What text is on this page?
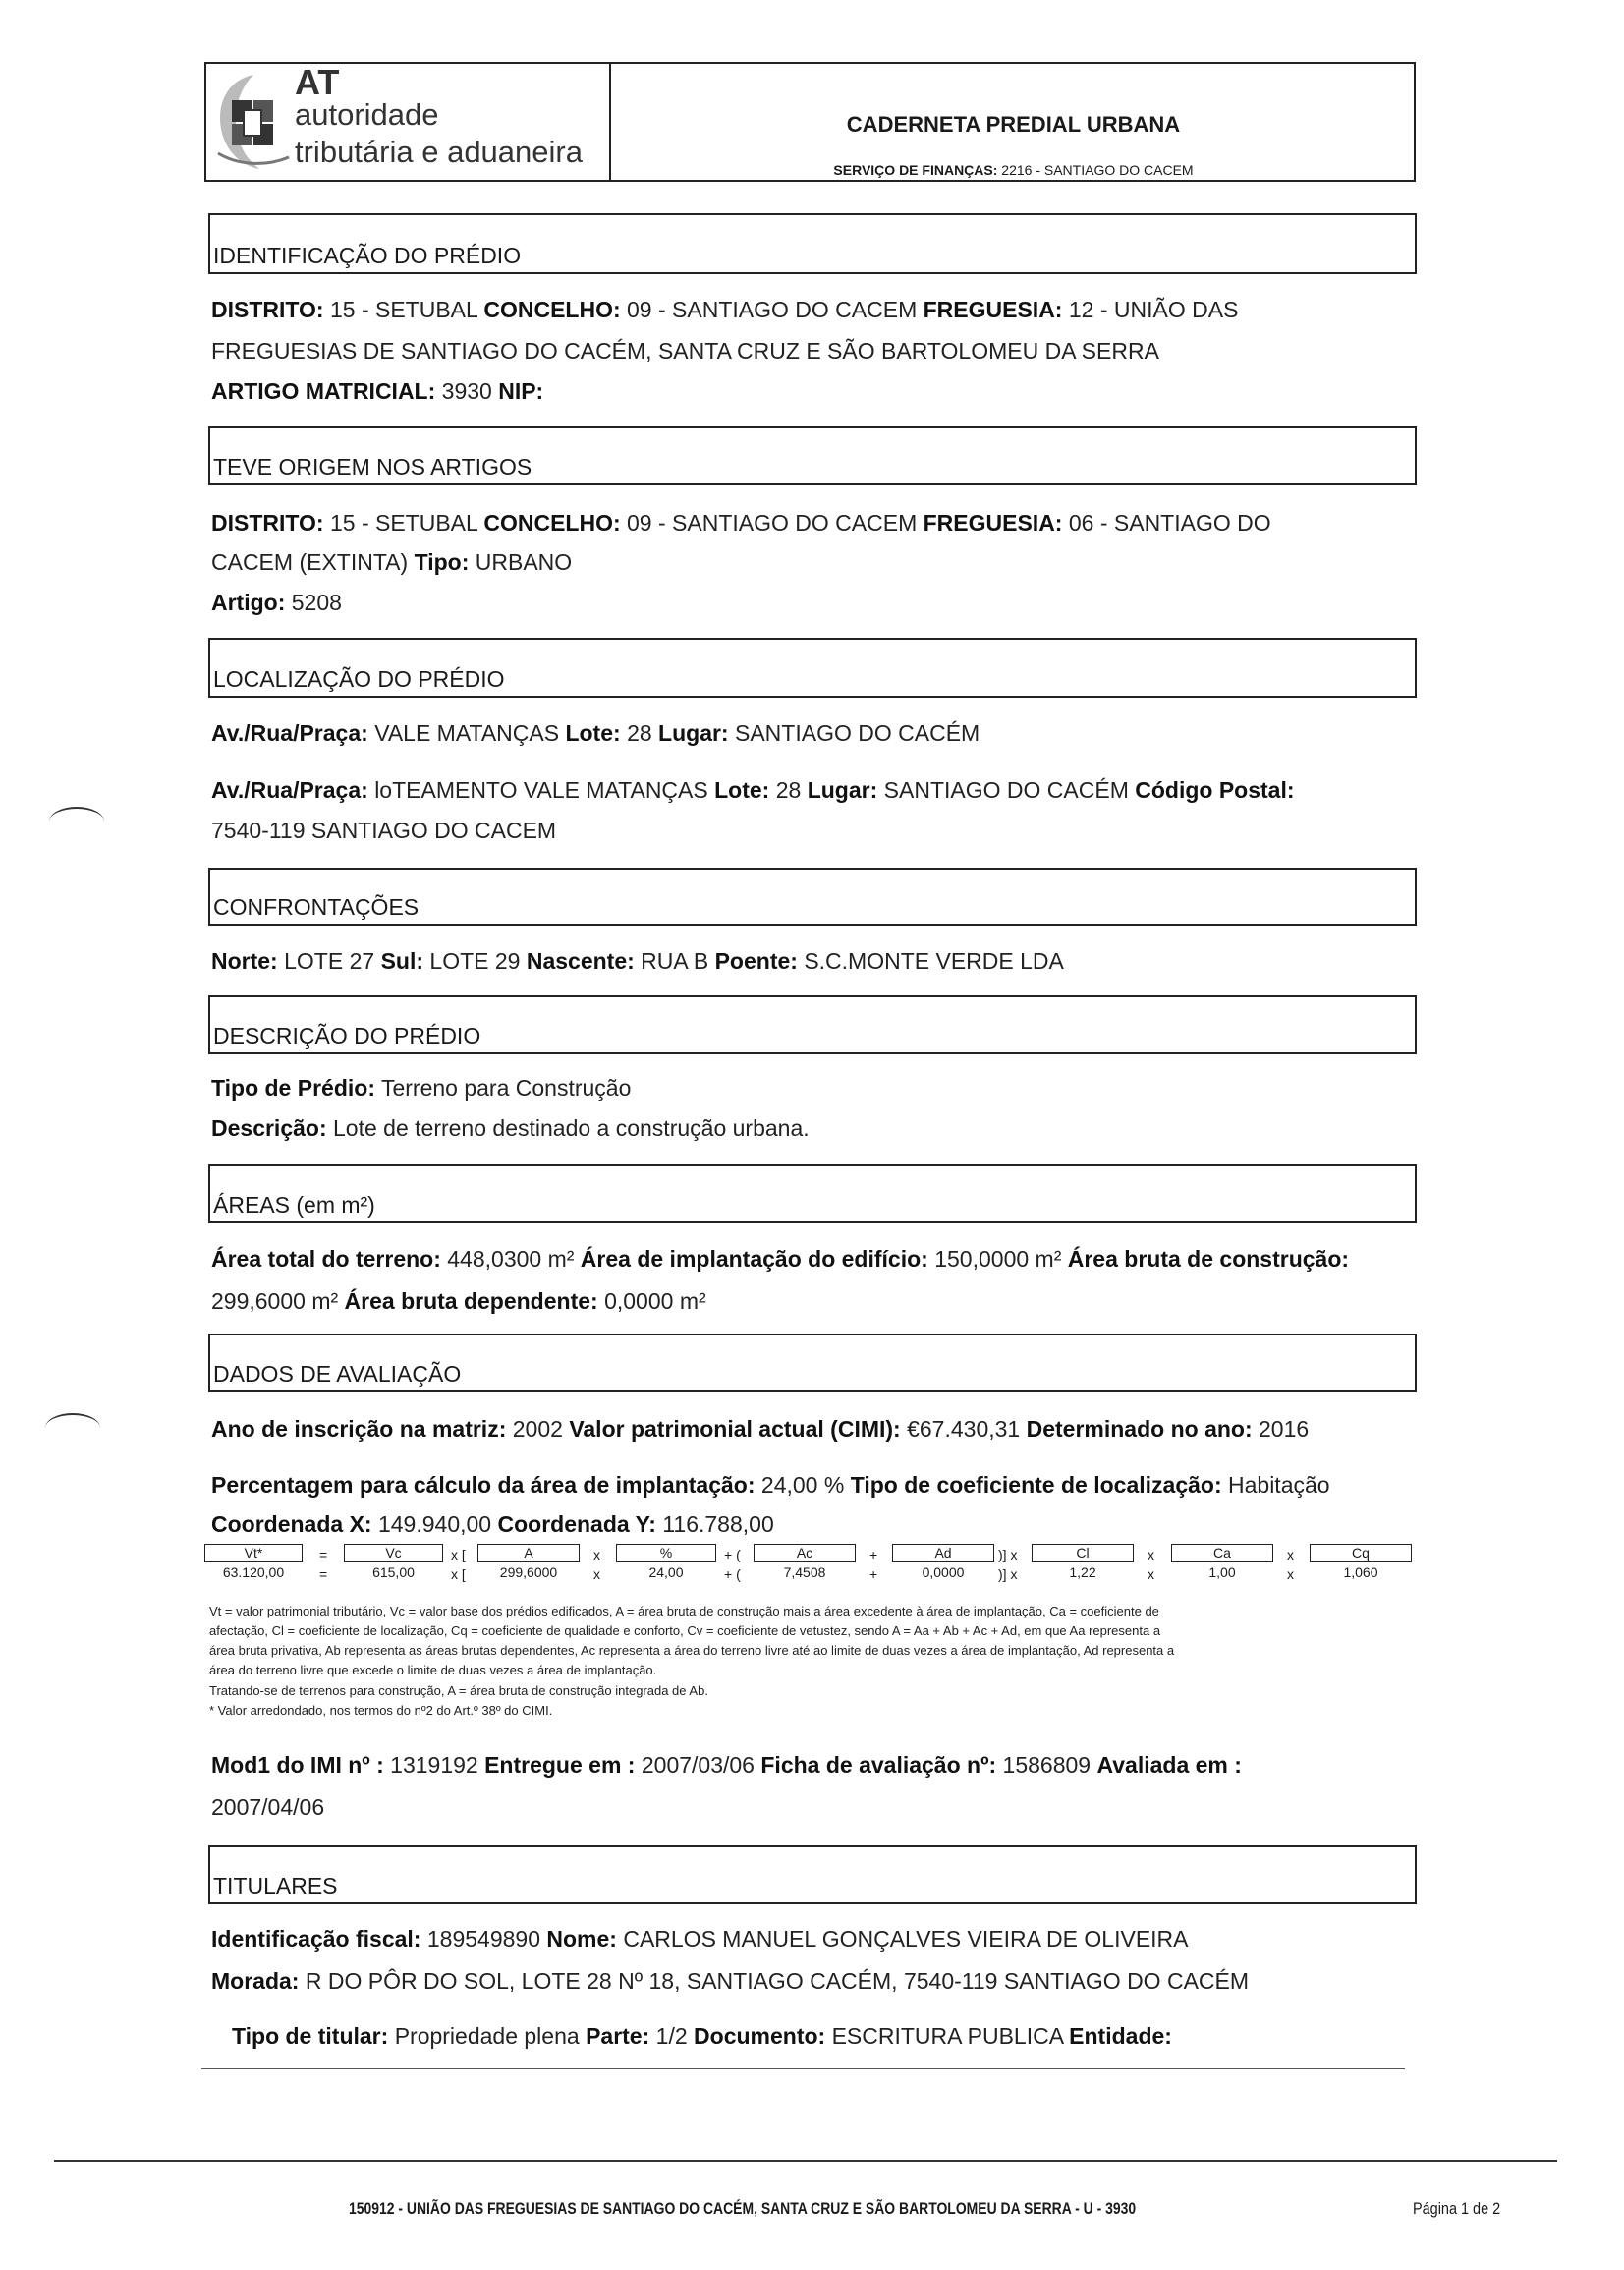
AT
autoridade
tributária e aduaneira
CADERNETA PREDIAL URBANA
SERVIÇO DE FINANÇAS: 2216 - SANTIAGO DO CACEM
IDENTIFICAÇÃO DO PRÉDIO
DISTRITO: 15 - SETUBAL CONCELHO: 09 - SANTIAGO DO CACEM FREGUESIA: 12 - UNIÃO DAS
FREGUESIAS DE SANTIAGO DO CACÉM, SANTA CRUZ E SÃO BARTOLOMEU DA SERRA
ARTIGO MATRICIAL: 3930 NIP:
TEVE ORIGEM NOS ARTIGOS
DISTRITO: 15 - SETUBAL CONCELHO: 09 - SANTIAGO DO CACEM FREGUESIA: 06 - SANTIAGO DO
CACEM (EXTINTA) Tipo: URBANO
Artigo: 5208
LOCALIZAÇÃO DO PRÉDIO
Av./Rua/Praça: VALE MATANÇAS Lote: 28 Lugar: SANTIAGO DO CACÉM
Av./Rua/Praça: loTEAMENTO VALE MATANÇAS Lote: 28 Lugar: SANTIAGO DO CACÉM Código Postal:
7540-119 SANTIAGO DO CACEM
CONFRONTAÇÕES
Norte: LOTE 27 Sul: LOTE 29 Nascente: RUA B Poente: S.C.MONTE VERDE LDA
DESCRIÇÃO DO PRÉDIO
Tipo de Prédio: Terreno para Construção
Descrição: Lote de terreno destinado a construção urbana.
ÁREAS (em m²)
Área total do terreno: 448,0300 m² Área de implantação do edifício: 150,0000 m² Área bruta de construção:
299,6000 m² Área bruta dependente: 0,0000 m²
DADOS DE AVALIAÇÃO
Ano de inscrição na matriz: 2002 Valor patrimonial actual (CIMI): €67.430,31 Determinado no ano: 2016
Percentagem para cálculo da área de implantação: 24,00 % Tipo de coeficiente de localização: Habitação
Coordenada X: 149.940,00 Coordenada Y: 116.788,00
Vt*
63.120,00
=
=
Vc
615,00
x [
x [
A
299,6000
x
x
%
24,00
+ (
+ (
Ac
7,4508
+
+
Ad
0,0000
)] x
)] x
Cl
1,22
x
x
Ca
1,00
x
x
Cq
1,060
Vt = valor patrimonial tributário, Vc = valor base dos prédios edificados, A = área bruta de construção mais a área excedente à área de implantação, Ca = coeficiente de
afectação, Cl = coeficiente de localização, Cq = coeficiente de qualidade e conforto, Cv = coeficiente de vetustez, sendo A = Aa + Ab + Ac + Ad, em que Aa representa a
área bruta privativa, Ab representa as áreas brutas dependentes, Ac representa a área do terreno livre até ao limite de duas vezes a área de implantação, Ad representa a
área do terreno livre que excede o limite de duas vezes a área de implantação.
Tratando-se de terrenos para construção, A = área bruta de construção integrada de Ab.
* Valor arredondado, nos termos do nº2 do Art.º 38º do CIMI.
Mod1 do IMI nº : 1319192 Entregue em : 2007/03/06 Ficha de avaliação nº: 1586809 Avaliada em :
2007/04/06
TITULARES
Identificação fiscal: 189549890 Nome: CARLOS MANUEL GONÇALVES VIEIRA DE OLIVEIRA
Morada: R DO PÔR DO SOL, LOTE 28 Nº 18, SANTIAGO CACÉM, 7540-119 SANTIAGO DO CACÉM
Tipo de titular: Propriedade plena Parte: 1/2 Documento: ESCRITURA PUBLICA Entidade:
150912 - UNIÃO DAS FREGUESIAS DE SANTIAGO DO CACÉM, SANTA CRUZ E SÃO BARTOLOMEU DA SERRA - U - 3930	Página 1 de 2
